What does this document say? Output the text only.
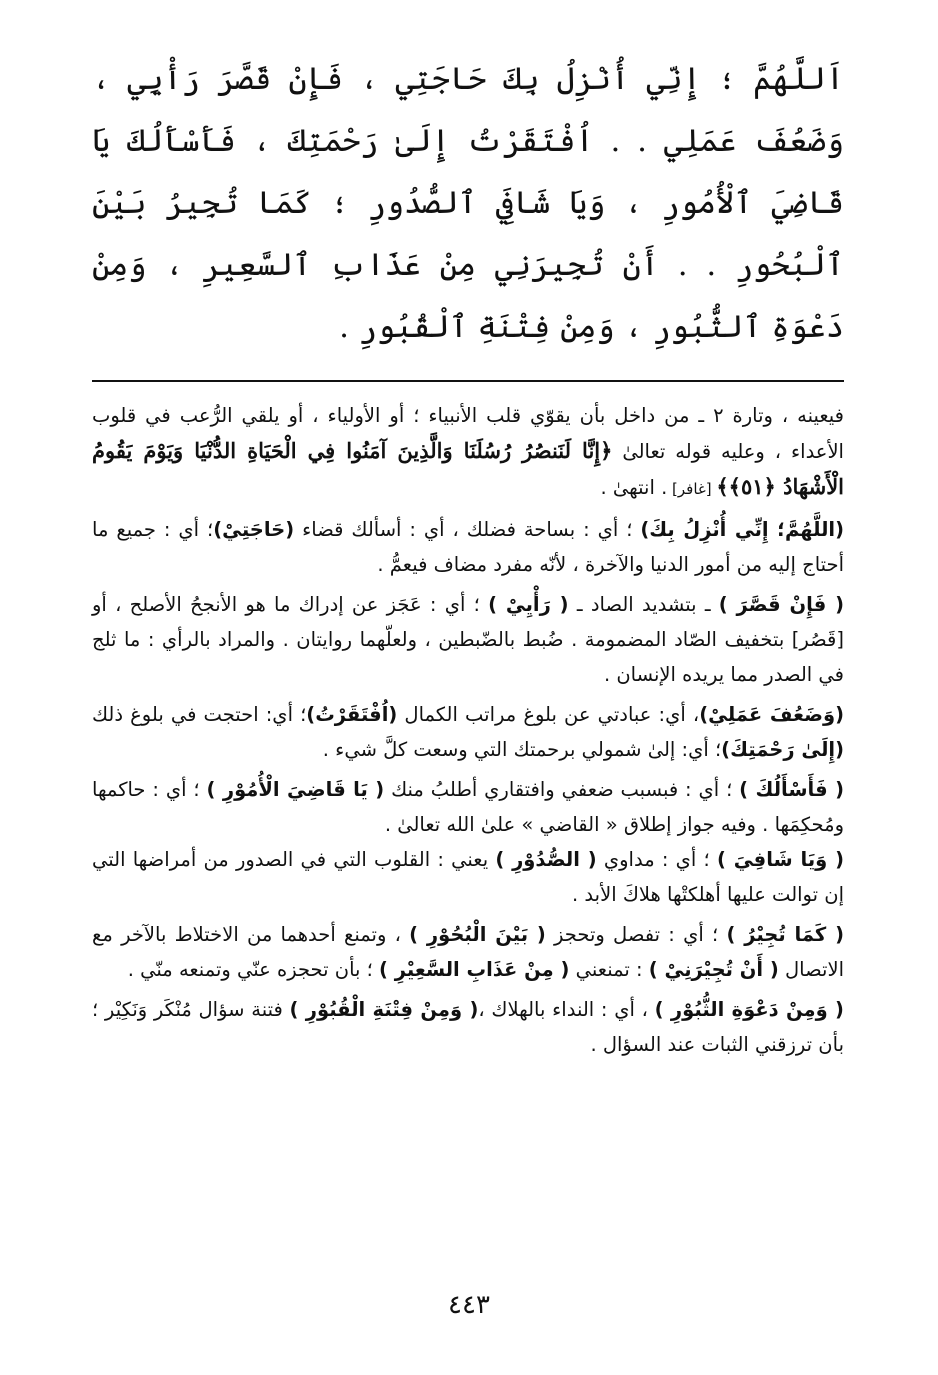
اَللَّهُمَّ ؛ إِنِّي أُنْزِلُ بِكَ حَاجَتِي ، فَإِنْ قَصَّرَ رَأْيِي ، وَضَعُفَ عَمَلِي . . اُفْتَقَرْتُ إِلَىٰ رَحْمَتِكَ ، فَأَسْأَلُكَ يَا قَاضِيَ ٱلْأُمُورِ ، وَيَا شَافِيَ ٱلصُّدُورِ ؛ كَمَا تُجِيرُ بَيْنَ ٱلْبُحُورِ . . أَنْ تُجِيرَنِي مِنْ عَذَابِ ٱلسَّعِيرِ ، وَمِنْ دَعْوَةِ ٱلثُّبُورِ ، وَمِنْ فِتْنَةِ ٱلْقُبُورِ .

فيعينه ، وتارة ٢ ـ من داخل بأن يقوّي قلب الأنبياء ؛ أو الأولياء ، أو يلقي الرُّعب في قلوب الأعداء ، وعليه قوله تعالىٰ ﴿إِنَّا لَنَنصُرُ رُسُلَنَا وَالَّذِينَ آمَنُوا فِي الْحَيَاةِ الدُّنْيَا وَيَوْمَ يَقُومُ الْأَشْهَادُ ﴿٥١﴾﴾ [غافر] . انتهىٰ .

(اللَّهُمَّ؛ إِنِّي أُنْزِلُ بِكَ) ؛ أي : بساحة فضلك ، أي : أسألك قضاء (حَاجَتِيْ)؛ أي : جميع ما أحتاج إليه من أمور الدنيا والآخرة ، لأنّه مفرد مضاف فيعمُّ .

( فَإِنْ قَصَّرَ ) ـ بتشديد الصاد ـ ( رَأْيِيْ ) ؛ أي : عَجَز عن إدراك ما هو الأنجحُ الأصلح ، أو [قَصُر] بتخفيف الصّاد المضمومة . ضُبط بالضّبطين ، ولعلّهما روايتان . والمراد بالرأي : ما ثلج في الصدر مما يريده الإنسان .

(وَضَعُفَ عَمَلِيْ)، أي: عبادتي عن بلوغ مراتب الكمال (اُفْتَقَرْتُ)؛ أي: احتجت في بلوغ ذلك (إِلَىٰ رَحْمَتِكَ)؛ أي: إلىٰ شمولي برحمتك التي وسعت كلَّ شيء .

( فَأَسْأَلُكَ ) ؛ أي : فبسبب ضعفي وافتقاري أطلبُ منك ( يَا قَاضِيَ الْأُمُوْرِ ) ؛ أي : حاكمها ومُحكِمَها . وفيه جواز إطلاق « القاضي » علىٰ الله تعالىٰ .
( وَيَا شَافِيَ ) ؛ أي : مداوي ( الصُّدُوْرِ ) يعني : القلوب التي في الصدور من أمراضها التي إن توالت عليها أهلكتْها هلاكَ الأبد .

( كَمَا تُجِيْرُ ) ؛ أي : تفصل وتحجز ( بَيْنَ الْبُحُوْرِ ) ، وتمنع أحدهما من الاختلاط بالآخر مع الاتصال ( أَنْ تُجِيْرَنِيْ ) : تمنعني ( مِنْ عَذَابِ السَّعِيْرِ ) ؛ بأن تحجزه عنّي وتمنعه منّي .

( وَمِنْ دَعْوَةِ الثُّبُوْرِ ) ، أي : النداء بالهلاك ،( وَمِنْ فِتْنَةِ الْقُبُوْرِ ) فتنة سؤال مُنْكَر وَنَكِيْر ؛ بأن ترزقني الثبات عند السؤال .

٤٤٣
